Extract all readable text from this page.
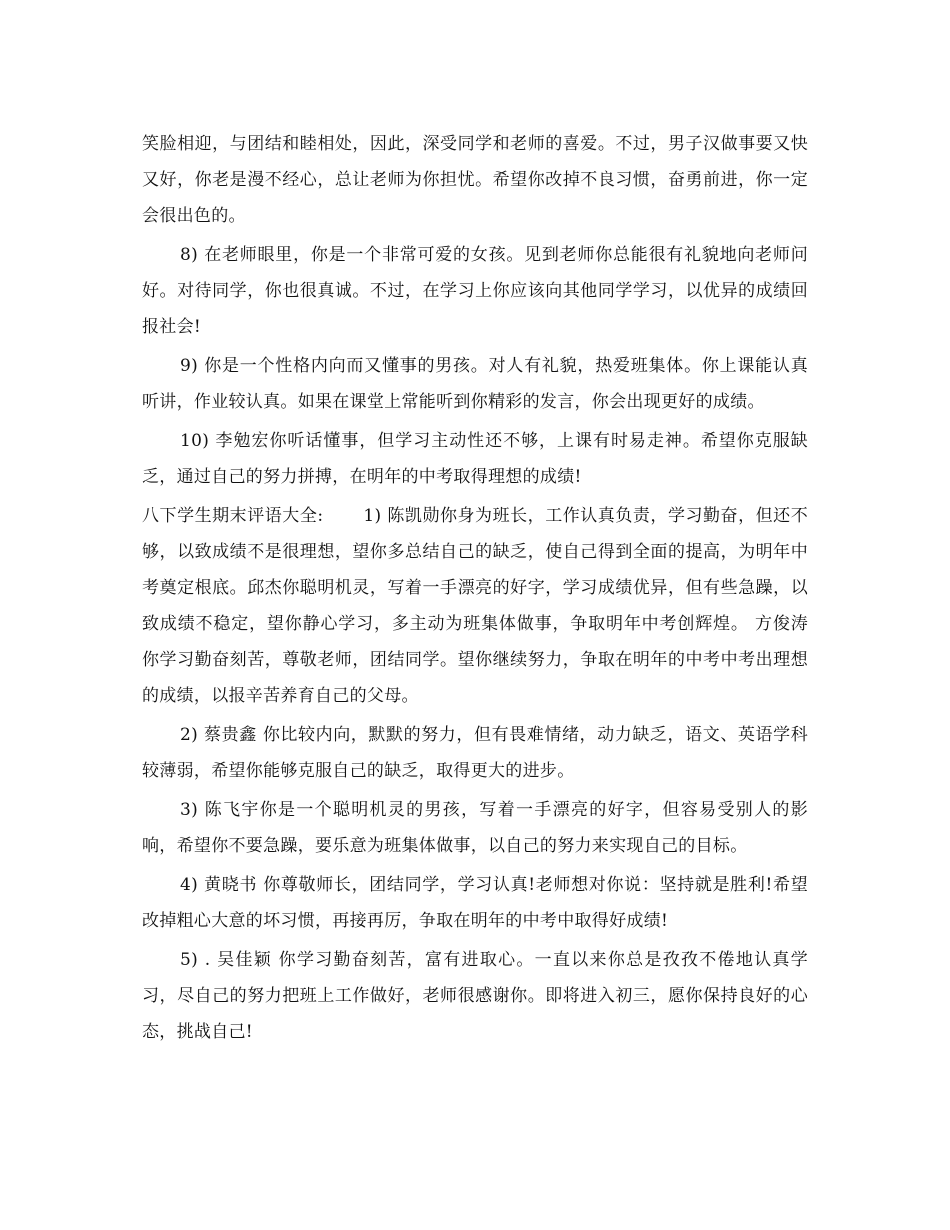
笑脸相迎，与团结和睦相处，因此，深受同学和老师的喜爱。不过，男子汉做事要又快又好，你老是漫不经心，总让老师为你担忧。希望你改掉不良习惯，奋勇前进，你一定会很出色的。

8) 在老师眼里，你是一个非常可爱的女孩。见到老师你总能很有礼貌地向老师问好。对待同学，你也很真诚。不过，在学习上你应该向其他同学学习，以优异的成绩回报社会!

9) 你是一个性格内向而又懂事的男孩。对人有礼貌，热爱班集体。你上课能认真听讲，作业较认真。如果在课堂上常能听到你精彩的发言，你会出现更好的成绩。

10) 李勉宏你听话懂事，但学习主动性还不够，上课有时易走神。希望你克服缺乏，通过自己的努力拼搏，在明年的中考取得理想的成绩!

八下学生期末评语大全: 1) 陈凯勋你身为班长，工作认真负责，学习勤奋，但还不够，以致成绩不是很理想，望你多总结自己的缺乏，使自己得到全面的提高，为明年中考奠定根底。邱杰你聪明机灵，写着一手漂亮的好字，学习成绩优异，但有些急躁，以致成绩不稳定，望你静心学习，多主动为班集体做事，争取明年中考创辉煌。 方俊涛 你学习勤奋刻苦，尊敬老师，团结同学。望你继续努力，争取在明年的中考中考出理想的成绩，以报辛苦养育自己的父母。

2) 蔡贵鑫 你比较内向，默默的努力，但有畏难情绪，动力缺乏，语文、英语学科较薄弱，希望你能够克服自己的缺乏，取得更大的进步。

3) 陈飞宇你是一个聪明机灵的男孩，写着一手漂亮的好字，但容易受别人的影响，希望你不要急躁，要乐意为班集体做事，以自己的努力来实现自己的目标。

4) 黄晓书 你尊敬师长，团结同学，学习认真!老师想对你说：坚持就是胜利!希望改掉粗心大意的坏习惯，再接再厉，争取在明年的中考中取得好成绩!

5) . 吴佳颖 你学习勤奋刻苦，富有进取心。一直以来你总是孜孜不倦地认真学习，尽自己的努力把班上工作做好，老师很感谢你。即将进入初三，愿你保持良好的心态，挑战自己!
